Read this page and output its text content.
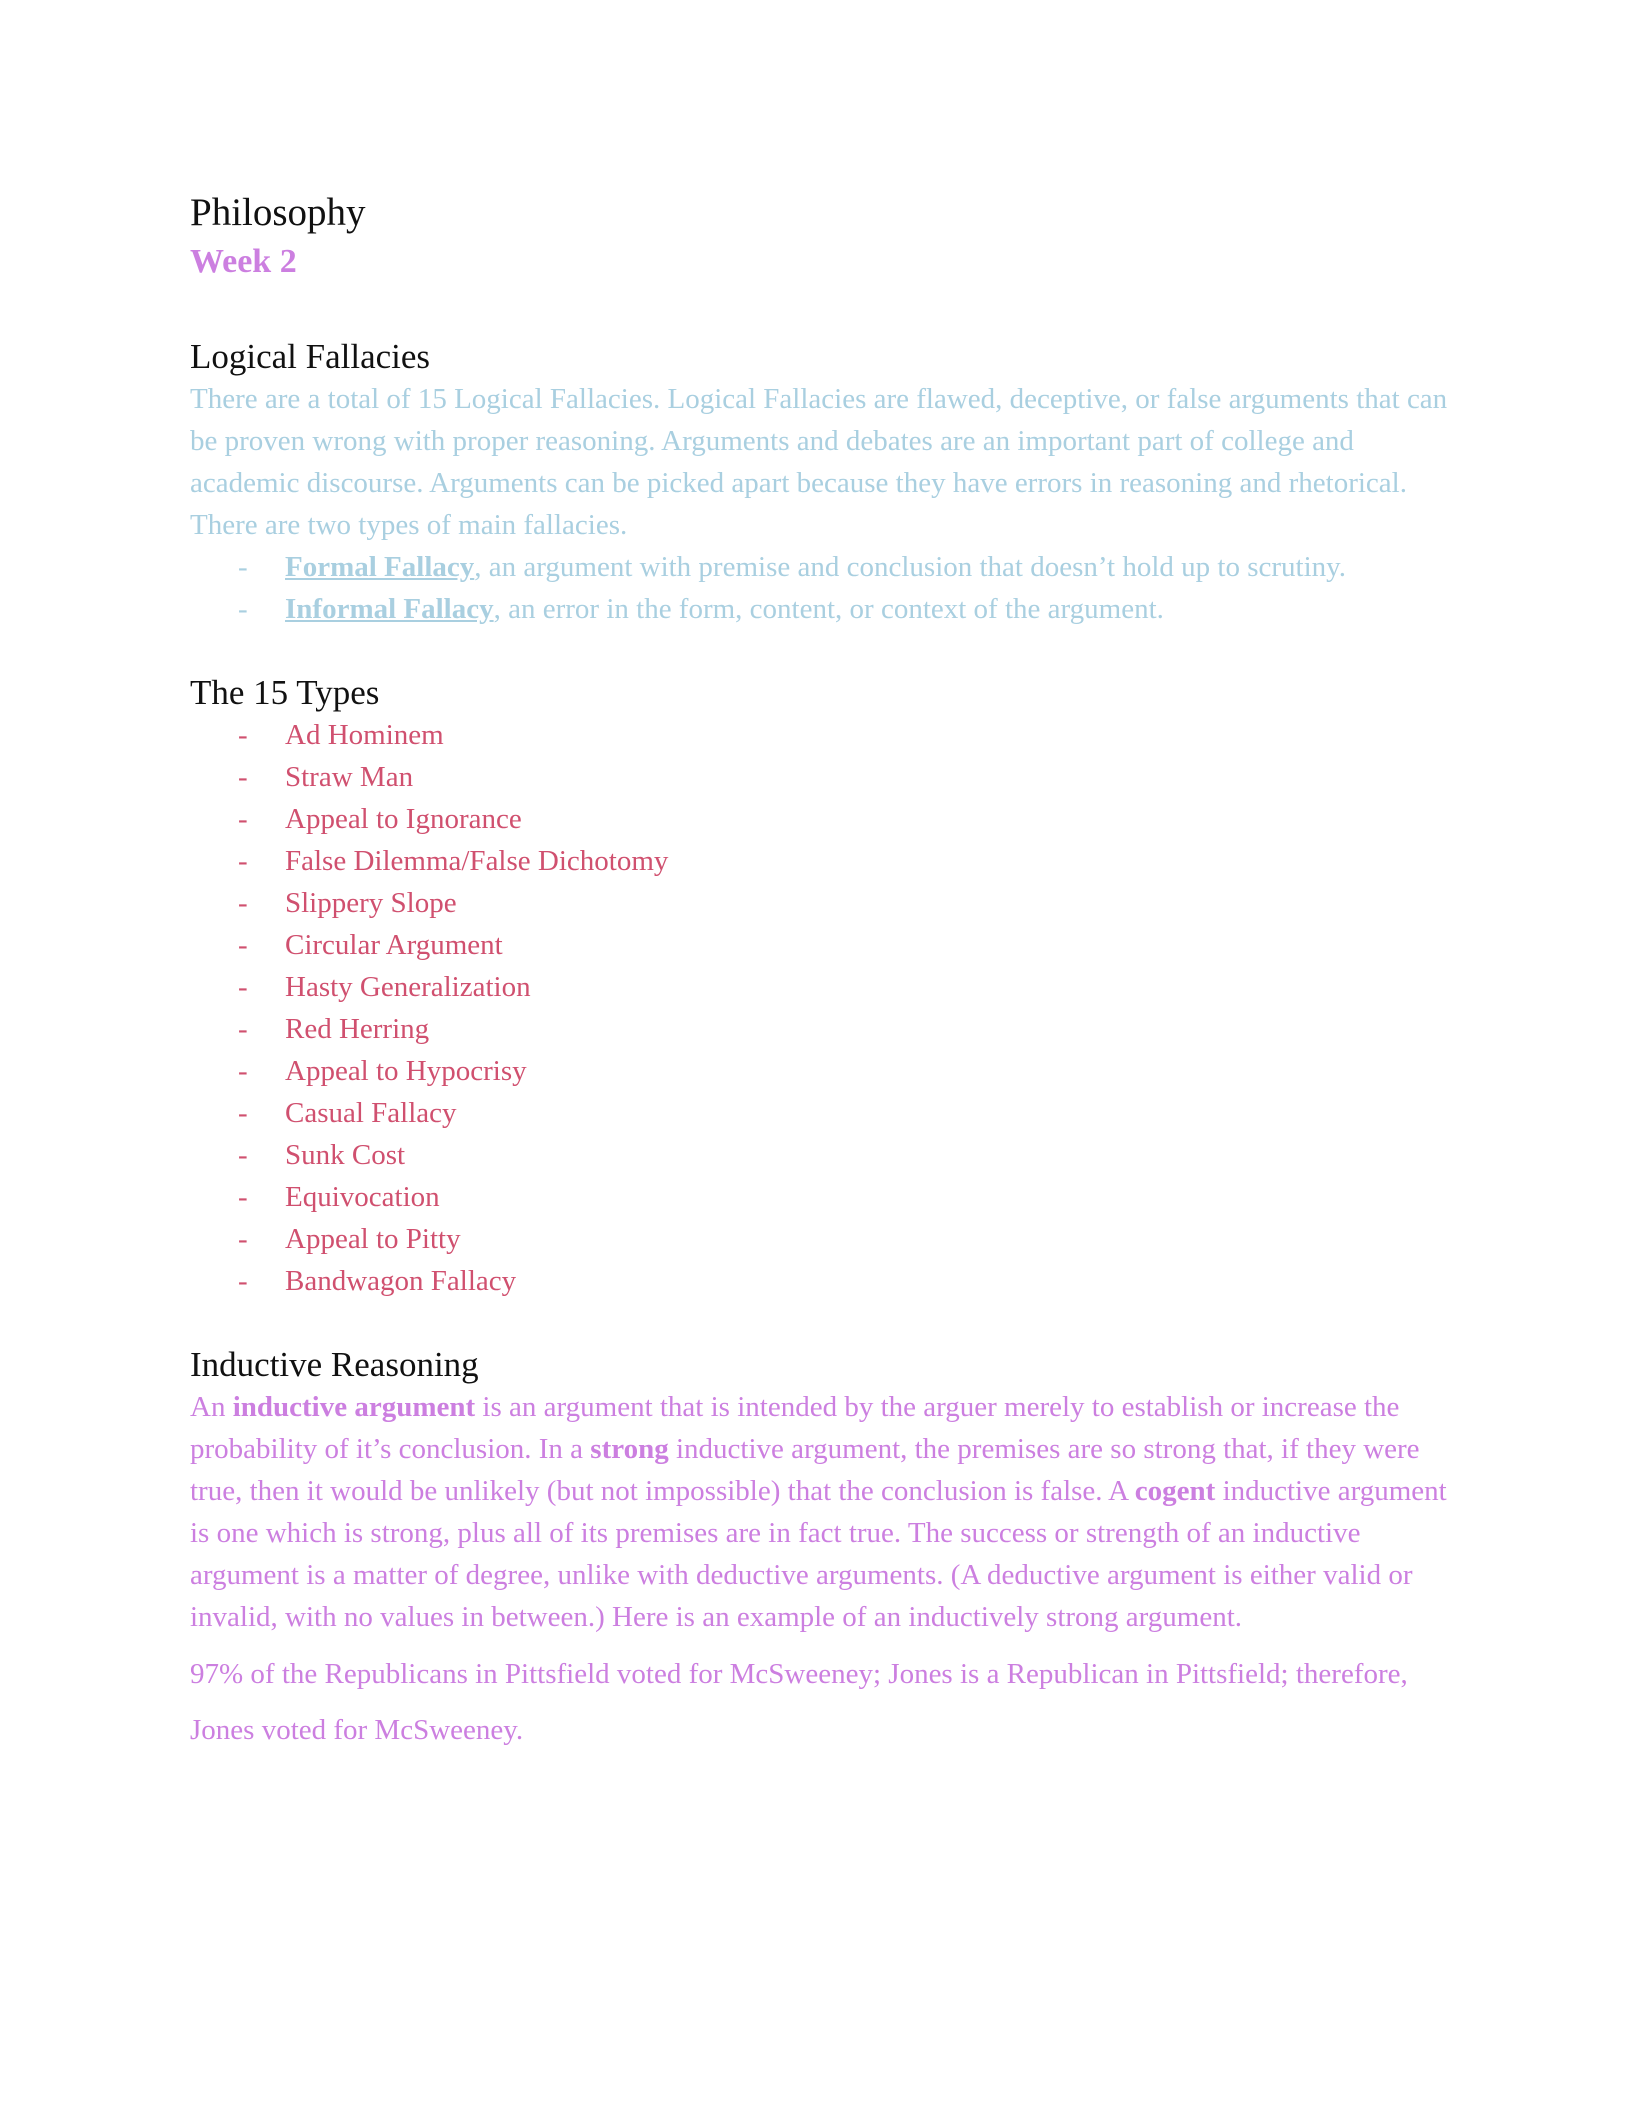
Philosophy
Week 2
Logical Fallacies

There are a total of 15 Logical Fallacies. Logical Fallacies are flawed, deceptive, or false arguments that can be proven wrong with proper reasoning. Arguments and debates are an important part of college and academic discourse. Arguments can be picked apart because they have errors in reasoning and rhetorical. There are two types of main fallacies.

- Formal Fallacy, an argument with premise and conclusion that doesn’t hold up to scrutiny.
- Informal Fallacy, an error in the form, content, or context of the argument.
The 15 Types
- Ad Hominem
- Straw Man
- Appeal to Ignorance
- False Dilemma/False Dichotomy
- Slippery Slope
- Circular Argument
- Hasty Generalization
- Red Herring
- Appeal to Hypocrisy
- Casual Fallacy
- Sunk Cost
- Equivocation
- Appeal to Pitty
- Bandwagon Fallacy
Inductive Reasoning

An inductive argument is an argument that is intended by the arguer merely to establish or increase the probability of it’s conclusion. In a strong inductive argument, the premises are so strong that, if they were true, then it would be unlikely (but not impossible) that the conclusion is false. A cogent inductive argument is one which is strong, plus all of its premises are in fact true. The success or strength of an inductive argument is a matter of degree, unlike with deductive arguments. (A deductive argument is either valid or invalid, with no values in between.) Here is an example of an inductively strong argument.

97% of the Republicans in Pittsfield voted for McSweeney; Jones is a Republican in Pittsfield; therefore, Jones voted for McSweeney.
